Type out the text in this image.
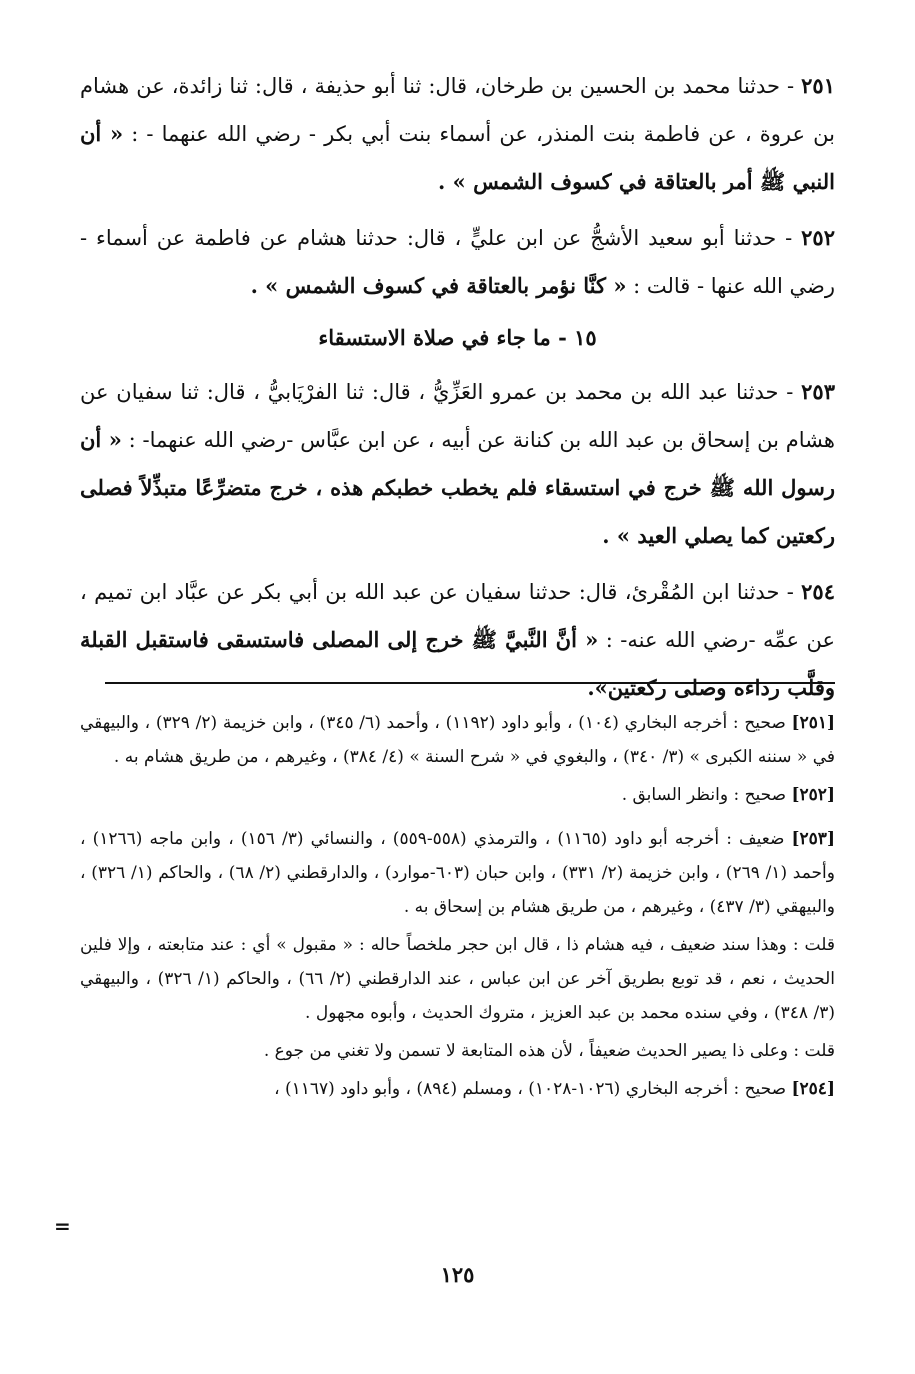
٢٥١ - حدثنا محمد بن الحسين بن طرخان، قال: ثنا أبو حذيفة ، قال: ثنا زائدة، عن هشام بن عروة ، عن فاطمة بنت المنذر، عن أسماء بنت أبي بكر - رضي الله عنهما - : « أن النبي ﷺ أمر بالعتاقة في كسوف الشمس » .

٢٥٢ - حدثنا أبو سعيد الأشجُّ عن ابن عليٍّ ، قال: حدثنا هشام عن فاطمة عن أسماء - رضي الله عنها - قالت : « كنَّا نؤمر بالعتاقة في كسوف الشمس » .

١٥ - ما جاء في صلاة الاستسقاء

٢٥٣ - حدثنا عبد الله بن محمد بن عمرو العَزِّيُّ ، قال: ثنا الفرْيَابيُّ ، قال: ثنا سفيان عن هشام بن إسحاق بن عبد الله بن كنانة عن أبيه ، عن ابن عبَّاس -رضي الله عنهما- : « أن رسول الله ﷺ خرج في استسقاء فلم يخطب خطبكم هذه ، خرج متضرِّعًا متبذِّلاً فصلى ركعتين كما يصلي العيد » .

٢٥٤ - حدثنا ابن المُقْرئ، قال: حدثنا سفيان عن عبد الله بن أبي بكر عن عبَّاد ابن تميم ، عن عمِّه -رضي الله عنه- : « أنَّ النَّبيَّ ﷺ خرج إلى المصلى فاستسقى فاستقبل القبلة وقلَّب رداءه وصلى ركعتين».

[٢٥١] صحيح : أخرجه البخاري (١٠٤) ، وأبو داود (١١٩٢) ، وأحمد (٦/ ٣٤٥) ، وابن خزيمة (٢/ ٣٢٩) ، والبيهقي في « سننه الكبرى » (٣/ ٣٤٠) ، والبغوي في « شرح السنة » (٤/ ٣٨٤) ، وغيرهم ، من طريق هشام به .

[٢٥٢] صحيح : وانظر السابق .

[٢٥٣] ضعيف : أخرجه أبو داود (١١٦٥) ، والترمذي (٥٥٨-٥٥٩) ، والنسائي (٣/ ١٥٦) ، وابن ماجه (١٢٦٦) ، وأحمد (١/ ٢٦٩) ، وابن خزيمة (٢/ ٣٣١) ، وابن حبان (٦٠٣-موارد) ، والدارقطني (٢/ ٦٨) ، والحاكم (١/ ٣٢٦) ، والبيهقي (٣/ ٤٣٧) ، وغيرهم ، من طريق هشام بن إسحاق به .

قلت : وهذا سند ضعيف ، فيه هشام ذا ، قال ابن حجر ملخصاً حاله : « مقبول » أي : عند متابعته ، وإلا فلين الحديث ، نعم ، قد توبع بطريق آخر عن ابن عباس ، عند الدارقطني (٢/ ٦٦) ، والحاكم (١/ ٣٢٦) ، والبيهقي (٣/ ٣٤٨) ، وفي سنده محمد بن عبد العزيز ، متروك الحديث ، وأبوه مجهول .

قلت : وعلى ذا يصير الحديث ضعيفاً ، لأن هذه المتابعة لا تسمن ولا تغني من جوع .

[٢٥٤] صحيح : أخرجه البخاري (١٠٢٦-١٠٢٨) ، ومسلم (٨٩٤) ، وأبو داود (١١٦٧) ،

=
١٢٥
